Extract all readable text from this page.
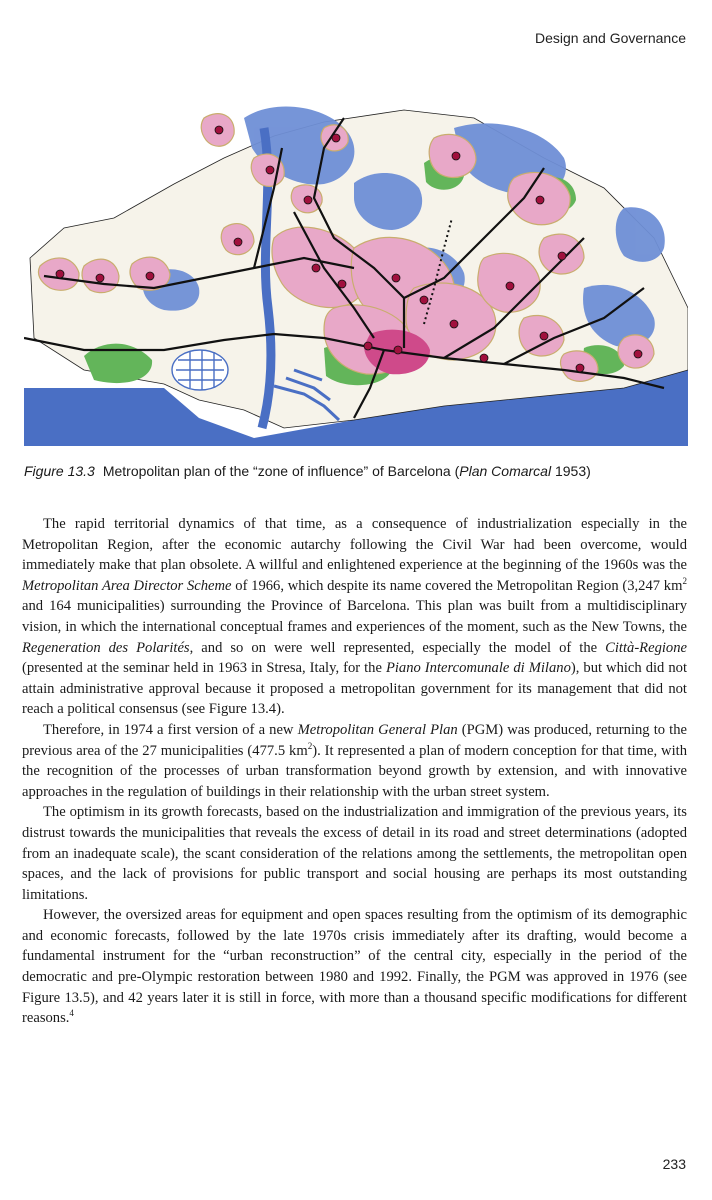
Design and Governance
Figure 13.3 Metropolitan plan of the “zone of influence” of Barcelona (Plan Comarcal 1953)

The rapid territorial dynamics of that time, as a consequence of industrialization especially in the Metropolitan Region, after the economic autarchy following the Civil War had been overcome, would immediately make that plan obsolete. A willful and enlightened experience at the beginning of the 1960s was the Metropolitan Area Director Scheme of 1966, which despite its name covered the Metropolitan Region (3,247 $km^2$ and 164 municipalities) surrounding the Province of Barcelona. This plan was built from a multidisciplinary vision, in which the international conceptual frames and experiences of the moment, such as the New Towns, the Regeneration des Polarités, and so on were well represented, especially the model of the Città-Regione (presented at the seminar held in 1963 in Stresa, Italy, for the Piano Intercomunale di Milano), but which did not attain administrative approval because it proposed a metropolitan government for its management that did not reach a political consensus (see Figure 13.4).

Therefore, in 1974 a first version of a new Metropolitan General Plan (PGM) was produced, returning to the previous area of the 27 municipalities (477.5 $km^2$). It represented a plan of modern conception for that time, with the recognition of the processes of urban transformation beyond growth by extension, and with innovative approaches in the regulation of buildings in their relationship with the urban street system.

The optimism in its growth forecasts, based on the industrialization and immigration of the previous years, its distrust towards the municipalities that reveals the excess of detail in its road and street determinations (adopted from an inadequate scale), the scant consideration of the relations among the settlements, the metropolitan open spaces, and the lack of provisions for public transport and social housing are perhaps its most outstanding limitations.

However, the oversized areas for equipment and open spaces resulting from the optimism of its demographic and economic forecasts, followed by the late 1970s crisis immediately after its drafting, would become a fundamental instrument for the “urban reconstruction” of the central city, especially in the period of the democratic and pre-Olympic restoration between 1980 and 1992. Finally, the PGM was approved in 1976 (see Figure 13.5), and 42 years later it is still in force, with more than a thousand specific modifications for different reasons.$^4$

233
